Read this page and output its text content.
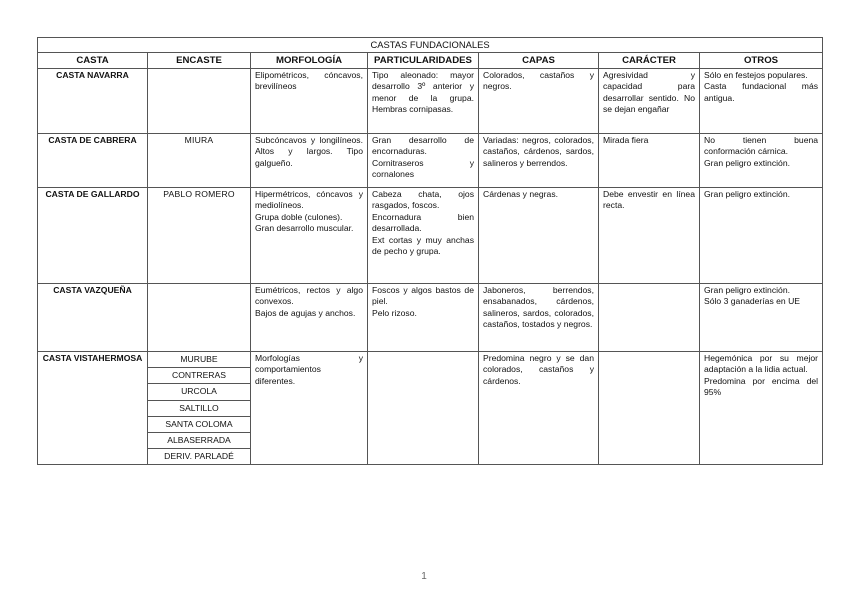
CASTAS FUNDACIONALES						
CASTA	ENCASTE	MORFOLOGÍA	PARTICULARIDADES	CAPAS	CARÁCTER	OTROS
CASTA NAVARRA		Elipométricos, cóncavos, brevilíneos	Tipo aleonado: mayor desarrollo 3º anterior y menor de la grupa. Hembras cornipasas.	Colorados, castaños y negros.	Agresividad y capacidad para desarrollar sentido. No se dejan engañar	Sólo en festejos populares.
Casta fundacional más antigua.

CASTA DE CABRERA	MIURA	Subcóncavos y longilíneos. Altos y largos. Tipo galgueño.	Gran desarrollo de encornaduras.
Cornitraseros y cornalones	Variadas: negros, colorados, castaños, cárdenos, sardos, salineros y berrendos.	Mirada fiera	No tienen buena conformación cárnica.
Gran peligro extinción.

CASTA DE GALLARDO	PABLO ROMERO	Hipermétricos, cóncavos y mediolíneos.
Grupa doble (culones).
Gran desarrollo muscular.	Cabeza chata, ojos rasgados, foscos.
Encornadura bien desarrollada.
Ext cortas y muy anchas de pecho y grupa.	Cárdenas y negras.	Debe envestir en línea recta.	Gran peligro extinción.

CASTA VAZQUEÑA		Eumétricos, rectos y algo convexos.
Bajos de agujas y anchos.	Foscos y algos bastos de piel.
Pelo rizoso.	Jaboneros, berrendos, ensabanados, cárdenos, salineros, sardos, colorados, castaños, tostados y negros.		Gran peligro extinción.
Sólo 3 ganaderías en UE

CASTA VISTAHERMOSA	MURUBE	Morfologías y comportamientos diferentes.		Predomina negro y se dan colorados, castaños y cárdenos.		Hegemónica por su mejor adaptación a la lidia actual.
Predomina por encima del 95%

	CONTRERAS					
	URCOLA					
	SALTILLO					
	SANTA COLOMA					
	ALBASERRADA					
	DERIV. PARLADÉ					
1
